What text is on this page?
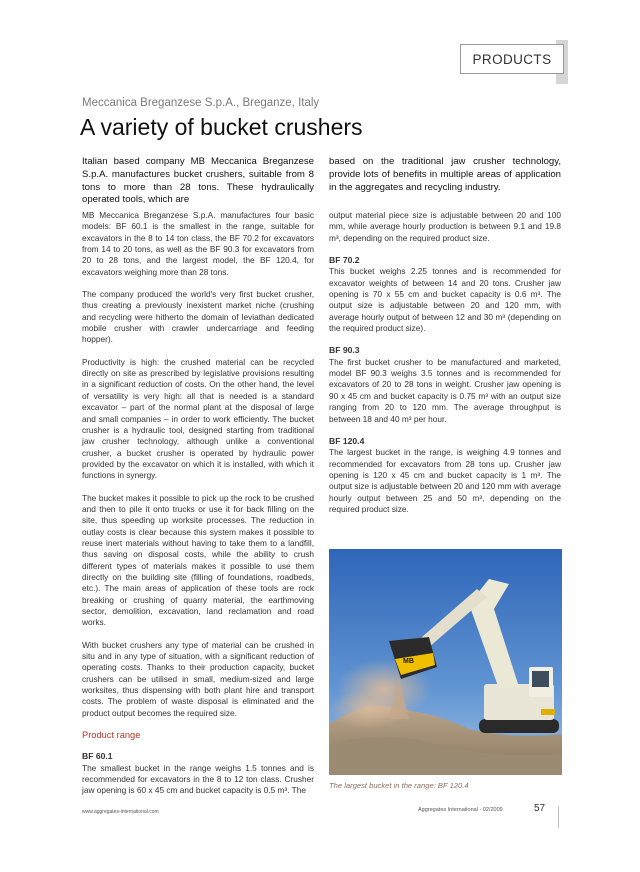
PRODUCTS
Meccanica Breganzese S.p.A., Breganze, Italy
A variety of bucket crushers
Italian based company MB Meccanica Breganzese S.p.A. manufactures bucket crushers, suitable from 8 tons to more than 28 tons. These hydraulically operated tools, which are
based on the traditional jaw crusher technology, provide lots of benefits in multiple areas of application in the aggregates and recycling industry.

MB Meccanica Breganzese S.p.A. manufactures four basic models: BF 60.1 is the smallest in the range, suitable for excavators in the 8 to 14 ton class, the BF 70.2 for excavators from 14 to 20 tons, as well as the BF 90.3 for excavators from 20 to 28 tons, and the largest model, the BF 120.4, for excavators weighing more than 28 tons.

The company produced the world's very first bucket crusher, thus creating a previously inexistent market niche (crushing and recycling were hitherto the domain of leviathan dedicated mobile crusher with crawler undercarriage and feeding hopper).

Productivity is high: the crushed material can be recycled directly on site as prescribed by legislative provisions resulting in a significant reduction of costs. On the other hand, the level of versatility is very high: all that is needed is a standard excavator – part of the normal plant at the disposal of large and small companies – in order to work efficiently. The bucket crusher is a hydraulic tool, designed starting from traditional jaw crusher technology, although unlike a conventional crusher, a bucket crusher is operated by hydraulic power provided by the excavator on which it is installed, with which it functions in synergy.

The bucket makes it possible to pick up the rock to be crushed and then to pile it onto trucks or use it for back filling on the site, thus speeding up worksite processes. The reduction in outlay costs is clear because this system makes it possible to reuse inert materials without having to take them to a landfill, thus saving on disposal costs, while the ability to crush different types of materials makes it possible to use them directly on the building site (filling of foundations, roadbeds, etc.). The main areas of application of these tools are rock breaking or crushing of quarry material, the earthmoving sector, demolition, excavation, land reclamation and road works.

With bucket crushers any type of material can be crushed in situ and in any type of situation, with a significant reduction of operating costs. Thanks to their production capacity, bucket crushers can be utilised in small, medium-sized and large worksites, thus dispensing with both plant hire and transport costs. The problem of waste disposal is eliminated and the product output becomes the required size.

Product range
BF 60.1

The smallest bucket in the range weighs 1.5 tonnes and is recommended for excavators in the 8 to 12 ton class. Crusher jaw opening is 60 x 45 cm and bucket capacity is 0.5 m³. The

output material piece size is adjustable between 20 and 100 mm, while average hourly production is between 9.1 and 19.8 m³, depending on the required product size.

BF 70.2

This bucket weighs 2.25 tonnes and is recommended for excavator weights of between 14 and 20 tons. Crusher jaw opening is 70 x 55 cm and bucket capacity is 0.6 m³. The output size is adjustable between 20 and 120 mm, with average hourly output of between 12 and 30 m³ (depending on the required product size).

BF 90.3

The first bucket crusher to be manufactured and marketed, model BF 90.3 weighs 3.5 tonnes and is recommended for excavators of 20 to 28 tons in weight. Crusher jaw opening is 90 x 45 cm and bucket capacity is 0.75 m³ with an output size ranging from 20 to 120 mm. The average throughput is between 18 and 40 m³ per hour.

BF 120.4

The largest bucket in the range, is weighing 4.9 tonnes and recommended for excavators from 28 tons up. Crusher jaw opening is 120 x 45 cm and bucket capacity is 1 m³. The output size is adjustable between 20 and 120 mm with average hourly output between 25 and 50 m³, depending on the required product size.

MB
The largest bucket in the range: BF 120.4
www.aggregates-international.com	Aggregates International · 02/2009	57
